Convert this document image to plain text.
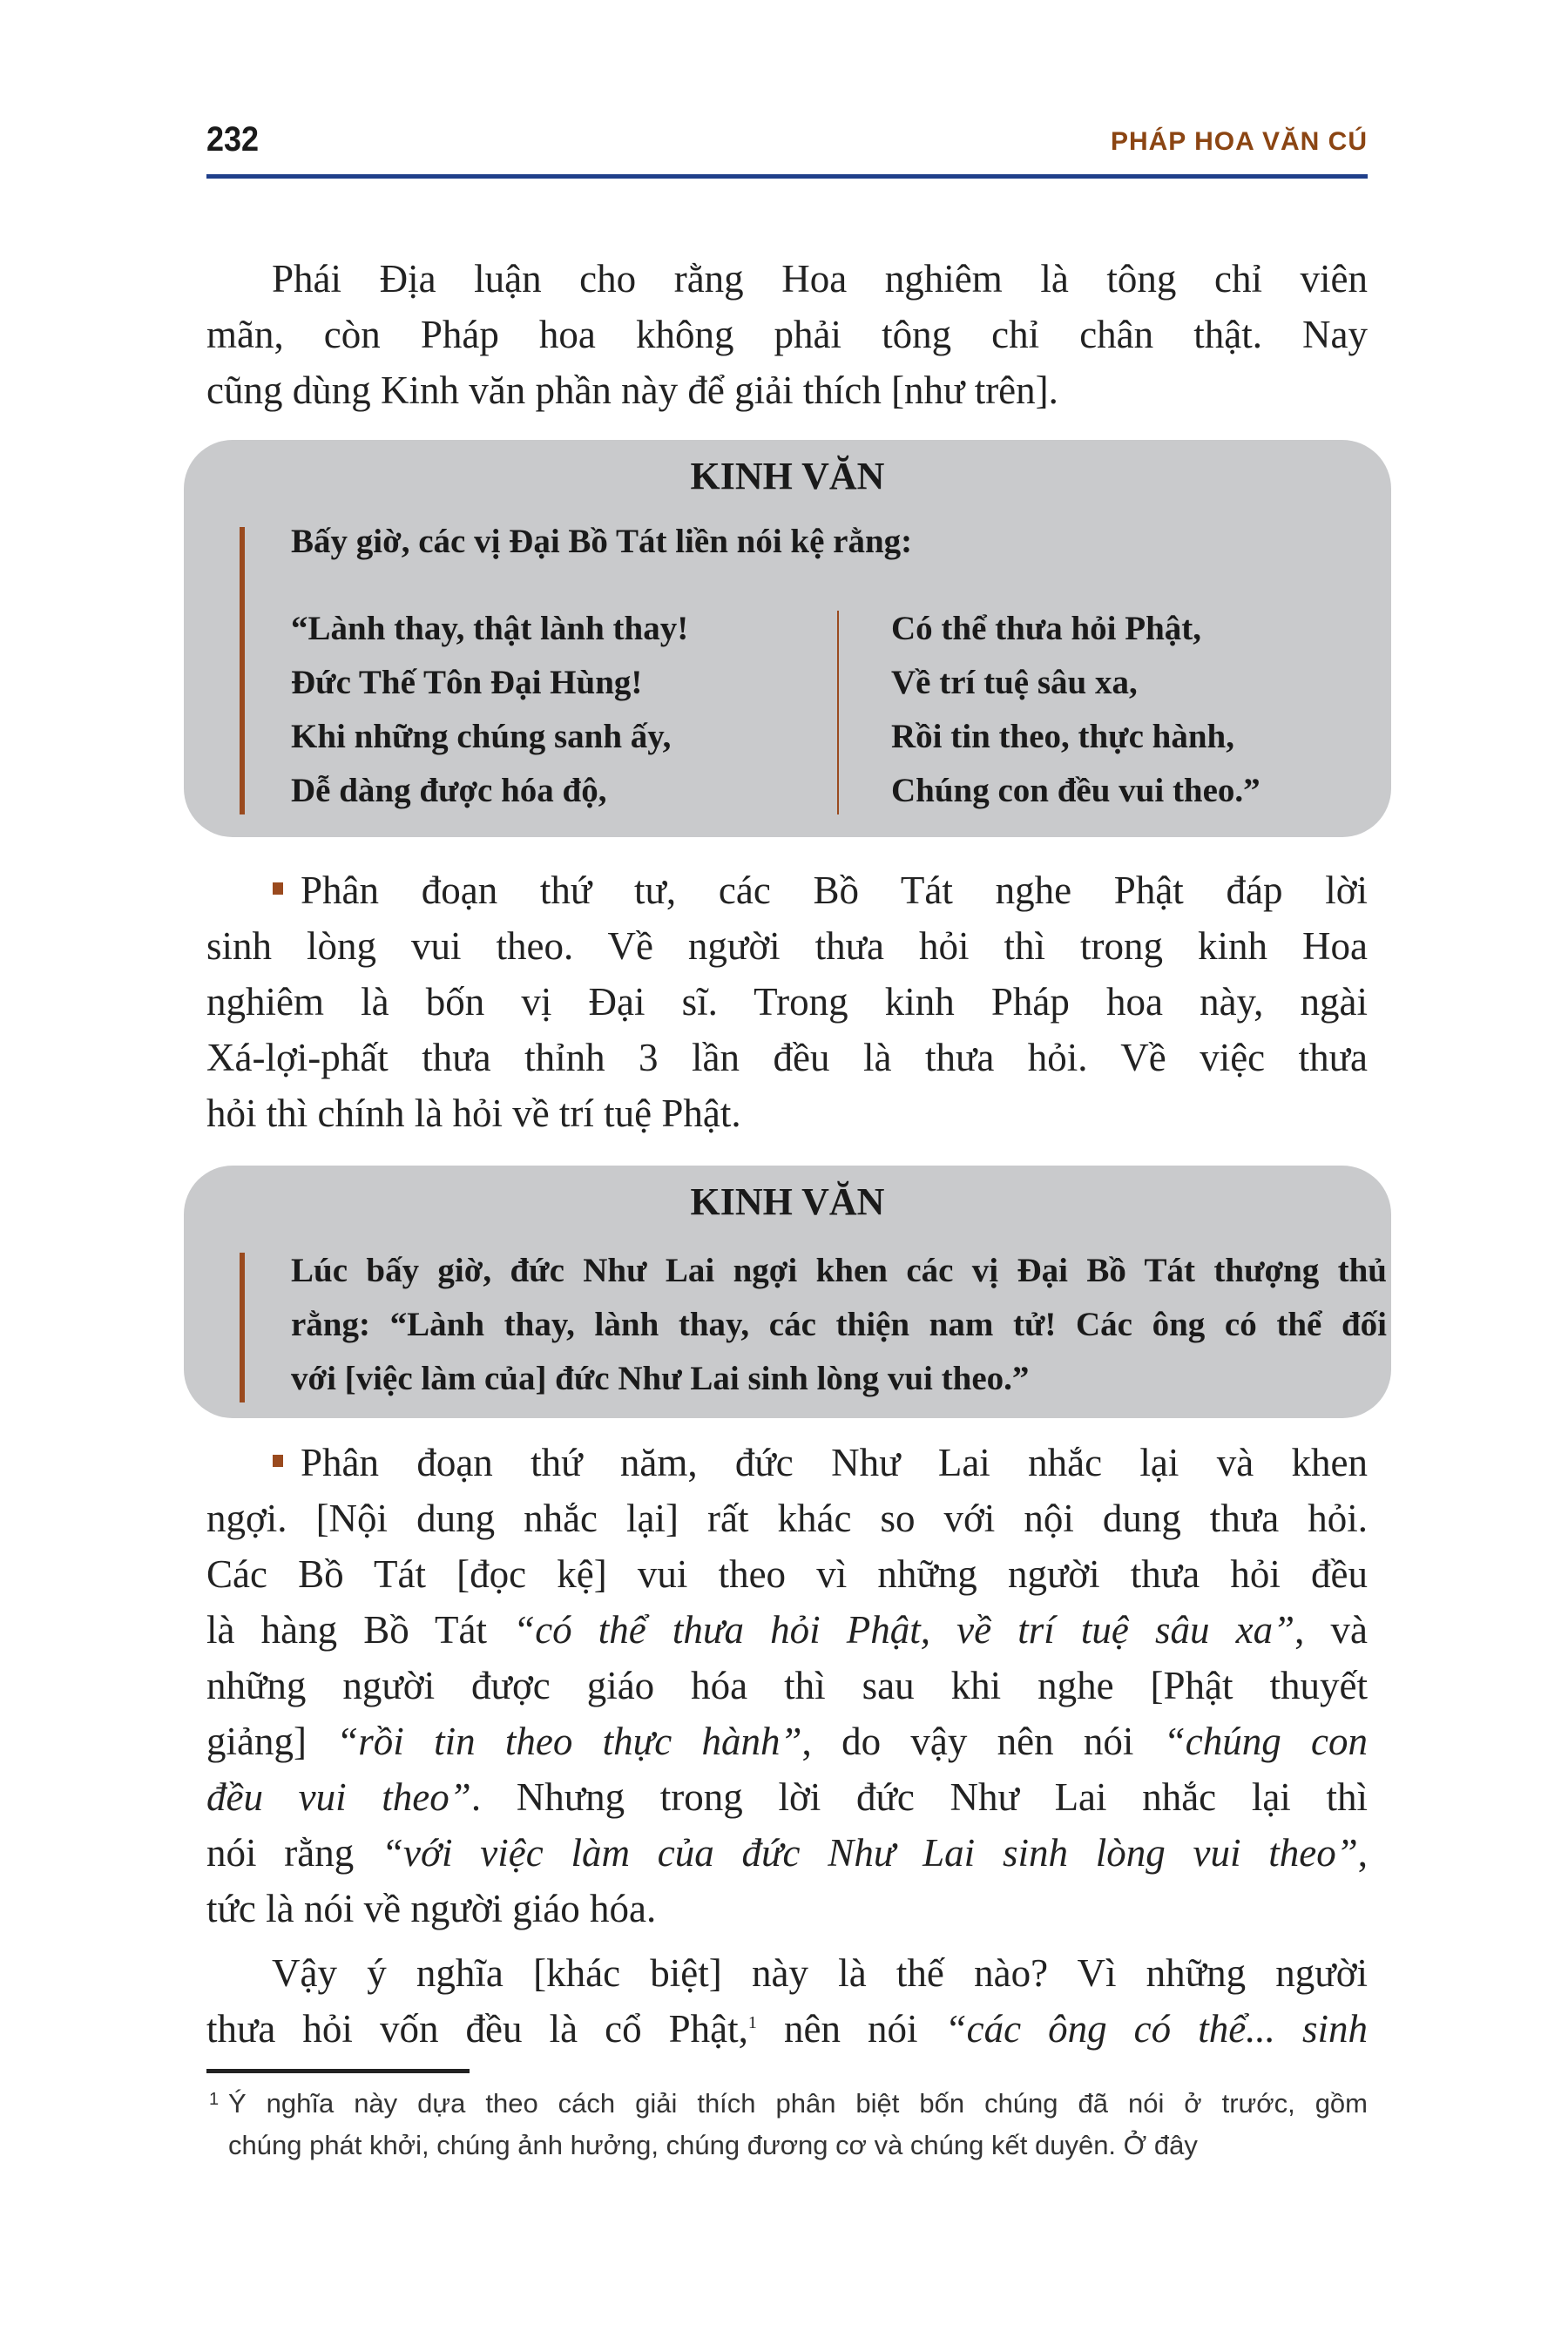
232	PHÁP HOA VĂN CÚ
Phái Địa luận cho rằng Hoa nghiêm là tông chỉ viên
mãn, còn Pháp hoa không phải tông chỉ chân thật. Nay
cũng dùng Kinh văn phần này để giải thích [như trên].
KINH VĂN
Bấy giờ, các vị Đại Bồ Tát liền nói kệ rằng:
“Lành thay, thật lành thay!
Đức Thế Tôn Đại Hùng!
Khi những chúng sanh ấy,
Dễ dàng được hóa độ,
Có thể thưa hỏi Phật,
Về trí tuệ sâu xa,
Rồi tin theo, thực hành,
Chúng con đều vui theo.”
Phân đoạn thứ tư, các Bồ Tát nghe Phật đáp lời
sinh lòng vui theo. Về người thưa hỏi thì trong kinh Hoa
nghiêm là bốn vị Đại sĩ. Trong kinh Pháp hoa này, ngài
Xá-lợi-phất thưa thỉnh 3 lần đều là thưa hỏi. Về việc thưa
hỏi thì chính là hỏi về trí tuệ Phật.
KINH VĂN
Lúc bấy giờ, đức Như Lai ngợi khen các vị Đại Bồ Tát thượng thủ
rằng: “Lành thay, lành thay, các thiện nam tử! Các ông có thể đối
với [việc làm của] đức Như Lai sinh lòng vui theo.”
Phân đoạn thứ năm, đức Như Lai nhắc lại và khen
ngợi. [Nội dung nhắc lại] rất khác so với nội dung thưa hỏi.
Các Bồ Tát [đọc kệ] vui theo vì những người thưa hỏi đều
là hàng Bồ Tát “có thể thưa hỏi Phật, về trí tuệ sâu xa”, và
những người được giáo hóa thì sau khi nghe [Phật thuyết
giảng] “rồi tin theo thực hành”, do vậy nên nói “chúng con
đều vui theo”. Nhưng trong lời đức Như Lai nhắc lại thì
nói rằng “với việc làm của đức Như Lai sinh lòng vui theo”,
tức là nói về người giáo hóa.
Vậy ý nghĩa [khác biệt] này là thế nào? Vì những người
thưa hỏi vốn đều là cổ Phật,$^1$ nên nói “các ông có thể... sinh
1 Ý nghĩa này dựa theo cách giải thích phân biệt bốn chúng đã nói ở trước, gồm
chúng phát khởi, chúng ảnh hưởng, chúng đương cơ và chúng kết duyên. Ở đây
